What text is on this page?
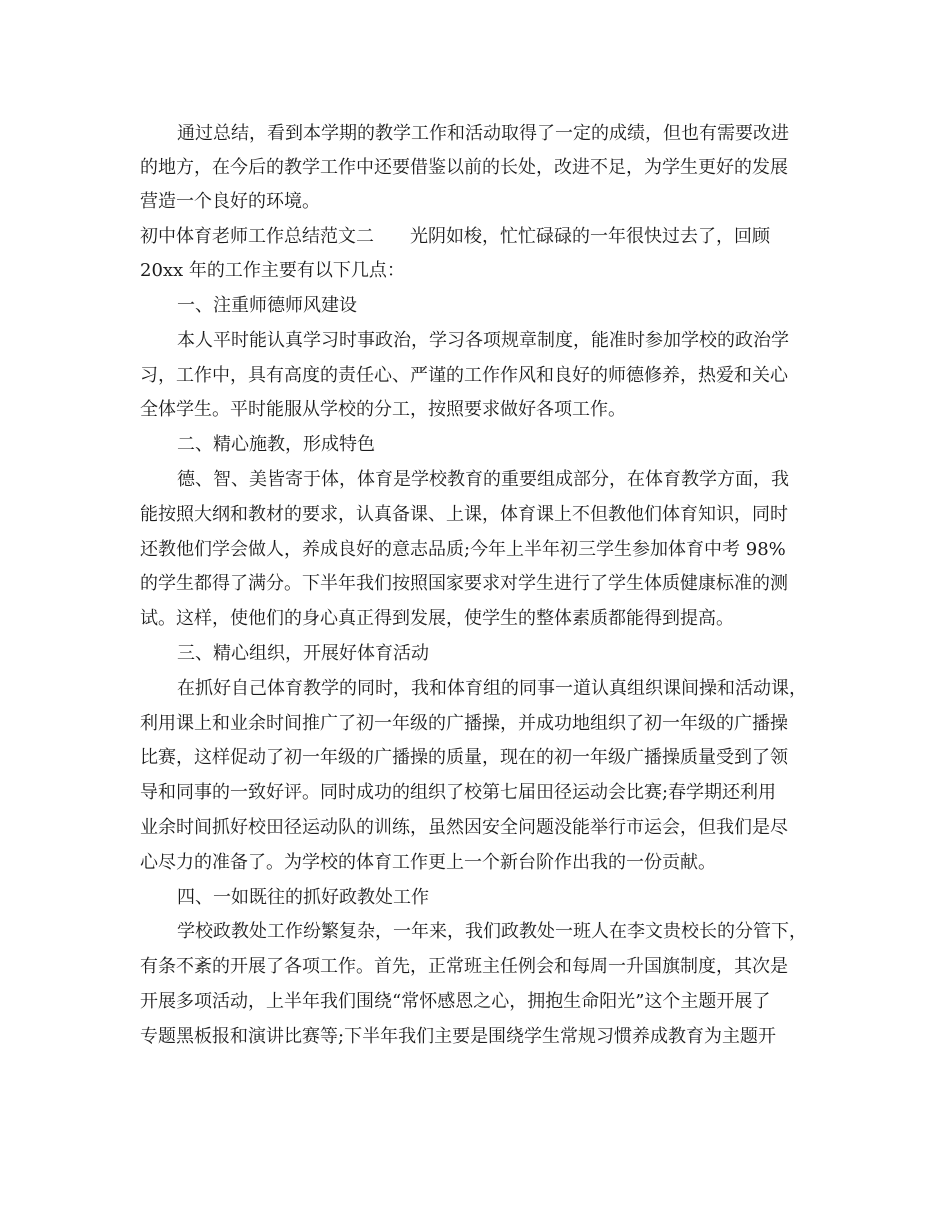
通过总结，看到本学期的教学工作和活动取得了一定的成绩，但也有需要改进
的地方，在今后的教学工作中还要借鉴以前的长处，改进不足，为学生更好的发展
营造一个良好的环境。
初中体育老师工作总结范文二　　光阴如梭，忙忙碌碌的一年很快过去了，回顾
20xx 年的工作主要有以下几点：
一、注重师德师风建设
本人平时能认真学习时事政治，学习各项规章制度，能准时参加学校的政治学
习，工作中，具有高度的责任心、严谨的工作作风和良好的师德修养，热爱和关心
全体学生。平时能服从学校的分工，按照要求做好各项工作。
二、精心施教，形成特色
德、智、美皆寄于体，体育是学校教育的重要组成部分，在体育教学方面，我
能按照大纲和教材的要求，认真备课、上课，体育课上不但教他们体育知识，同时
还教他们学会做人，养成良好的意志品质;今年上半年初三学生参加体育中考 98%
的学生都得了满分。下半年我们按照国家要求对学生进行了学生体质健康标准的测
试。这样，使他们的身心真正得到发展，使学生的整体素质都能得到提高。
三、精心组织，开展好体育活动
在抓好自己体育教学的同时，我和体育组的同事一道认真组织课间操和活动课，
利用课上和业余时间推广了初一年级的广播操，并成功地组织了初一年级的广播操
比赛，这样促动了初一年级的广播操的质量，现在的初一年级广播操质量受到了领
导和同事的一致好评。同时成功的组织了校第七届田径运动会比赛;春学期还利用
业余时间抓好校田径运动队的训练，虽然因安全问题没能举行市运会，但我们是尽
心尽力的准备了。为学校的体育工作更上一个新台阶作出我的一份贡献。
四、一如既往的抓好政教处工作
学校政教处工作纷繁复杂，一年来，我们政教处一班人在李文贵校长的分管下，
有条不紊的开展了各项工作。首先，正常班主任例会和每周一升国旗制度，其次是
开展多项活动，上半年我们围绕“常怀感恩之心，拥抱生命阳光”这个主题开展了
专题黑板报和演讲比赛等;下半年我们主要是围绕学生常规习惯养成教育为主题开
